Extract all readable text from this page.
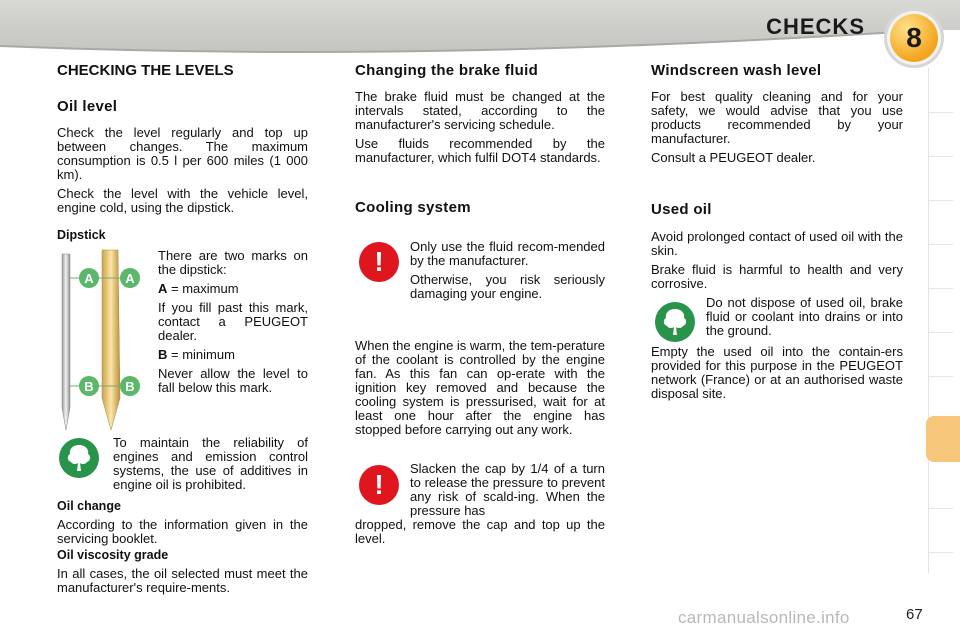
CHECKS	8
CHECKING THE LEVELS
Oil level

Check the level regularly and top up between changes. The maximum consumption is 0.5 l per 600 miles (1 000 km).

Check the level with the vehicle level, engine cold, using the dipstick.

Dipstick
A A
B B

There are two marks on the dipstick:

A = maximum

If you fill past this mark, contact a PEUGEOT dealer.

B = minimum

Never allow the level to fall below this mark.

To maintain the reliability of engines and emission control systems, the use of additives in engine oil is prohibited.

Oil change

According to the information given in the servicing booklet.

Oil viscosity grade

In all cases, the oil selected must meet the manufacturer's require-ments.

Changing the brake fluid

The brake fluid must be changed at the intervals stated, according to the manufacturer's servicing schedule.

Use fluids recommended by the manufacturer, which fulfil DOT4 standards.

Cooling system
!	Only use the fluid recom-mended by the manufacturer.

Otherwise, you risk seriously damaging your engine.

When the engine is warm, the tem-perature of the coolant is controlled by the engine fan. As this fan can op-erate with the ignition key removed and because the cooling system is pressurised, wait for at least one hour after the engine has stopped before carrying out any work.

!

Slacken the cap by 1/4 of a turn to release the pressure to prevent any risk of scald-ing. When the pressure has

dropped, remove the cap and top up the level.

Windscreen wash level

For best quality cleaning and for your safety, we would advise that you use products recommended by your manufacturer.

Consult a PEUGEOT dealer.

Used oil

Avoid prolonged contact of used oil with the skin.

Brake fluid is harmful to health and very corrosive.

Do not dispose of used oil, brake fluid or coolant into drains or into the ground.

Empty the used oil into the contain-ers provided for this purpose in the PEUGEOT network (France) or at an authorised waste disposal site.

carmanualsonline.info	67
